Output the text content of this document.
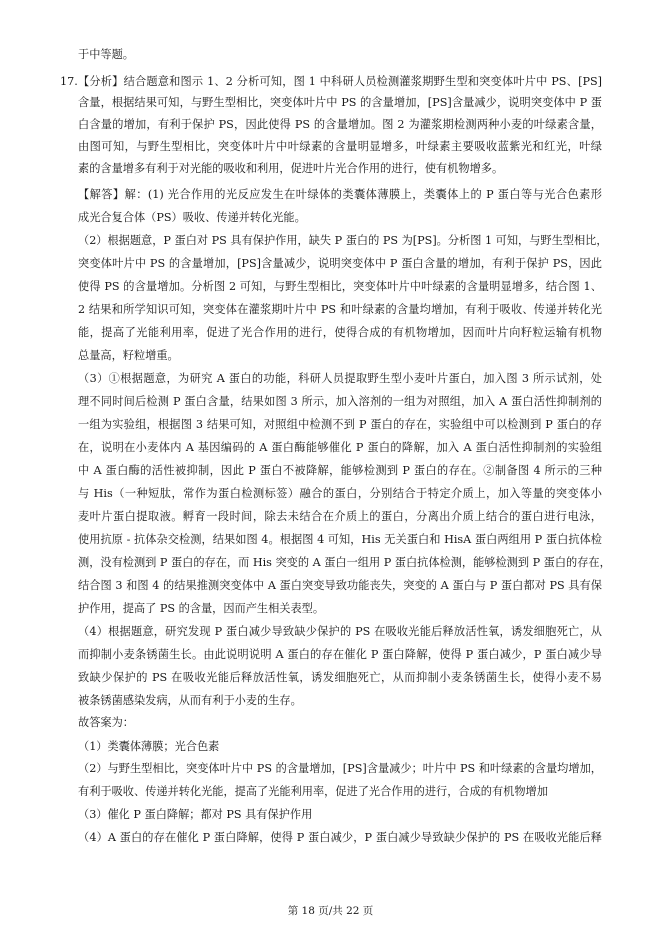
于中等题。
17.【分析】结合题意和图示 1、2 分析可知，图 1 中科研人员检测灌浆期野生型和突变体叶片中 PS、[PS]
含量，根据结果可知，与野生型相比，突变体叶片中 PS 的含量增加，[PS]含量减少，说明突变体中 P 蛋
白含量的增加，有利于保护 PS，因此使得 PS 的含量增加。图 2 为灌浆期检测两种小麦的叶绿素含量，
由图可知，与野生型相比，突变体叶片中叶绿素的含量明显增多，叶绿素主要吸收蓝紫光和红光，叶绿
素的含量增多有利于对光能的吸收和利用，促进叶片光合作用的进行，使有机物增多。
【解答】解：(1) 光合作用的光反应发生在叶绿体的类囊体薄膜上，类囊体上的 P 蛋白等与光合色素形
成光合复合体（PS）吸收、传递并转化光能。
（2）根据题意，P 蛋白对 PS 具有保护作用，缺失 P 蛋白的 PS 为[PS]。分析图 1 可知，与野生型相比，
突变体叶片中 PS 的含量增加，[PS]含量减少，说明突变体中 P 蛋白含量的增加，有利于保护 PS，因此
使得 PS 的含量增加。分析图 2 可知，与野生型相比，突变体叶片中叶绿素的含量明显增多，结合图 1、
2 结果和所学知识可知，突变体在灌浆期叶片中 PS 和叶绿素的含量均增加，有利于吸收、传递并转化光
能，提高了光能利用率，促进了光合作用的进行，使得合成的有机物增加，因而叶片向籽粒运输有机物
总量高，籽粒增重。
（3）①根据题意，为研究 A 蛋白的功能，科研人员提取野生型小麦叶片蛋白，加入图 3 所示试剂，处
理不同时间后检测 P 蛋白含量，结果如图 3 所示，加入溶剂的一组为对照组，加入 A 蛋白活性抑制剂的
一组为实验组，根据图 3 结果可知，对照组中检测不到 P 蛋白的存在，实验组中可以检测到 P 蛋白的存
在，说明在小麦体内 A 基因编码的 A 蛋白酶能够催化 P 蛋白的降解，加入 A 蛋白活性抑制剂的实验组
中 A 蛋白酶的活性被抑制，因此 P 蛋白不被降解，能够检测到 P 蛋白的存在。②制备图 4 所示的三种
与 His（一种短肽，常作为蛋白检测标签）融合的蛋白，分别结合于特定介质上，加入等量的突变体小
麦叶片蛋白提取液。孵育一段时间，除去未结合在介质上的蛋白，分离出介质上结合的蛋白进行电泳，
使用抗原 - 抗体杂交检测，结果如图 4。根据图 4 可知，His 无关蛋白和 HisA 蛋白两组用 P 蛋白抗体检
测，没有检测到 P 蛋白的存在，而 His 突变的 A 蛋白一组用 P 蛋白抗体检测，能够检测到 P 蛋白的存在，
结合图 3 和图 4 的结果推测突变体中 A 蛋白突变导致功能丧失，突变的 A 蛋白与 P 蛋白都对 PS 具有保
护作用，提高了 PS 的含量，因而产生相关表型。
（4）根据题意，研究发现 P 蛋白减少导致缺少保护的 PS 在吸收光能后释放活性氧，诱发细胞死亡，从
而抑制小麦条锈菌生长。由此说明说明 A 蛋白的存在催化 P 蛋白降解，使得 P 蛋白减少，P 蛋白减少导
致缺少保护的 PS 在吸收光能后释放活性氧，诱发细胞死亡，从而抑制小麦条锈菌生长，使得小麦不易
被条锈菌感染发病，从而有利于小麦的生存。
故答案为：
（1）类囊体薄膜；光合色素
（2）与野生型相比，突变体叶片中 PS 的含量增加，[PS]含量减少；叶片中 PS 和叶绿素的含量均增加，
有利于吸收、传递并转化光能，提高了光能利用率，促进了光合作用的进行，合成的有机物增加
（3）催化 P 蛋白降解；都对 PS 具有保护作用
（4）A 蛋白的存在催化 P 蛋白降解，使得 P 蛋白减少，P 蛋白减少导致缺少保护的 PS 在吸收光能后释
第 18 页/共 22 页
